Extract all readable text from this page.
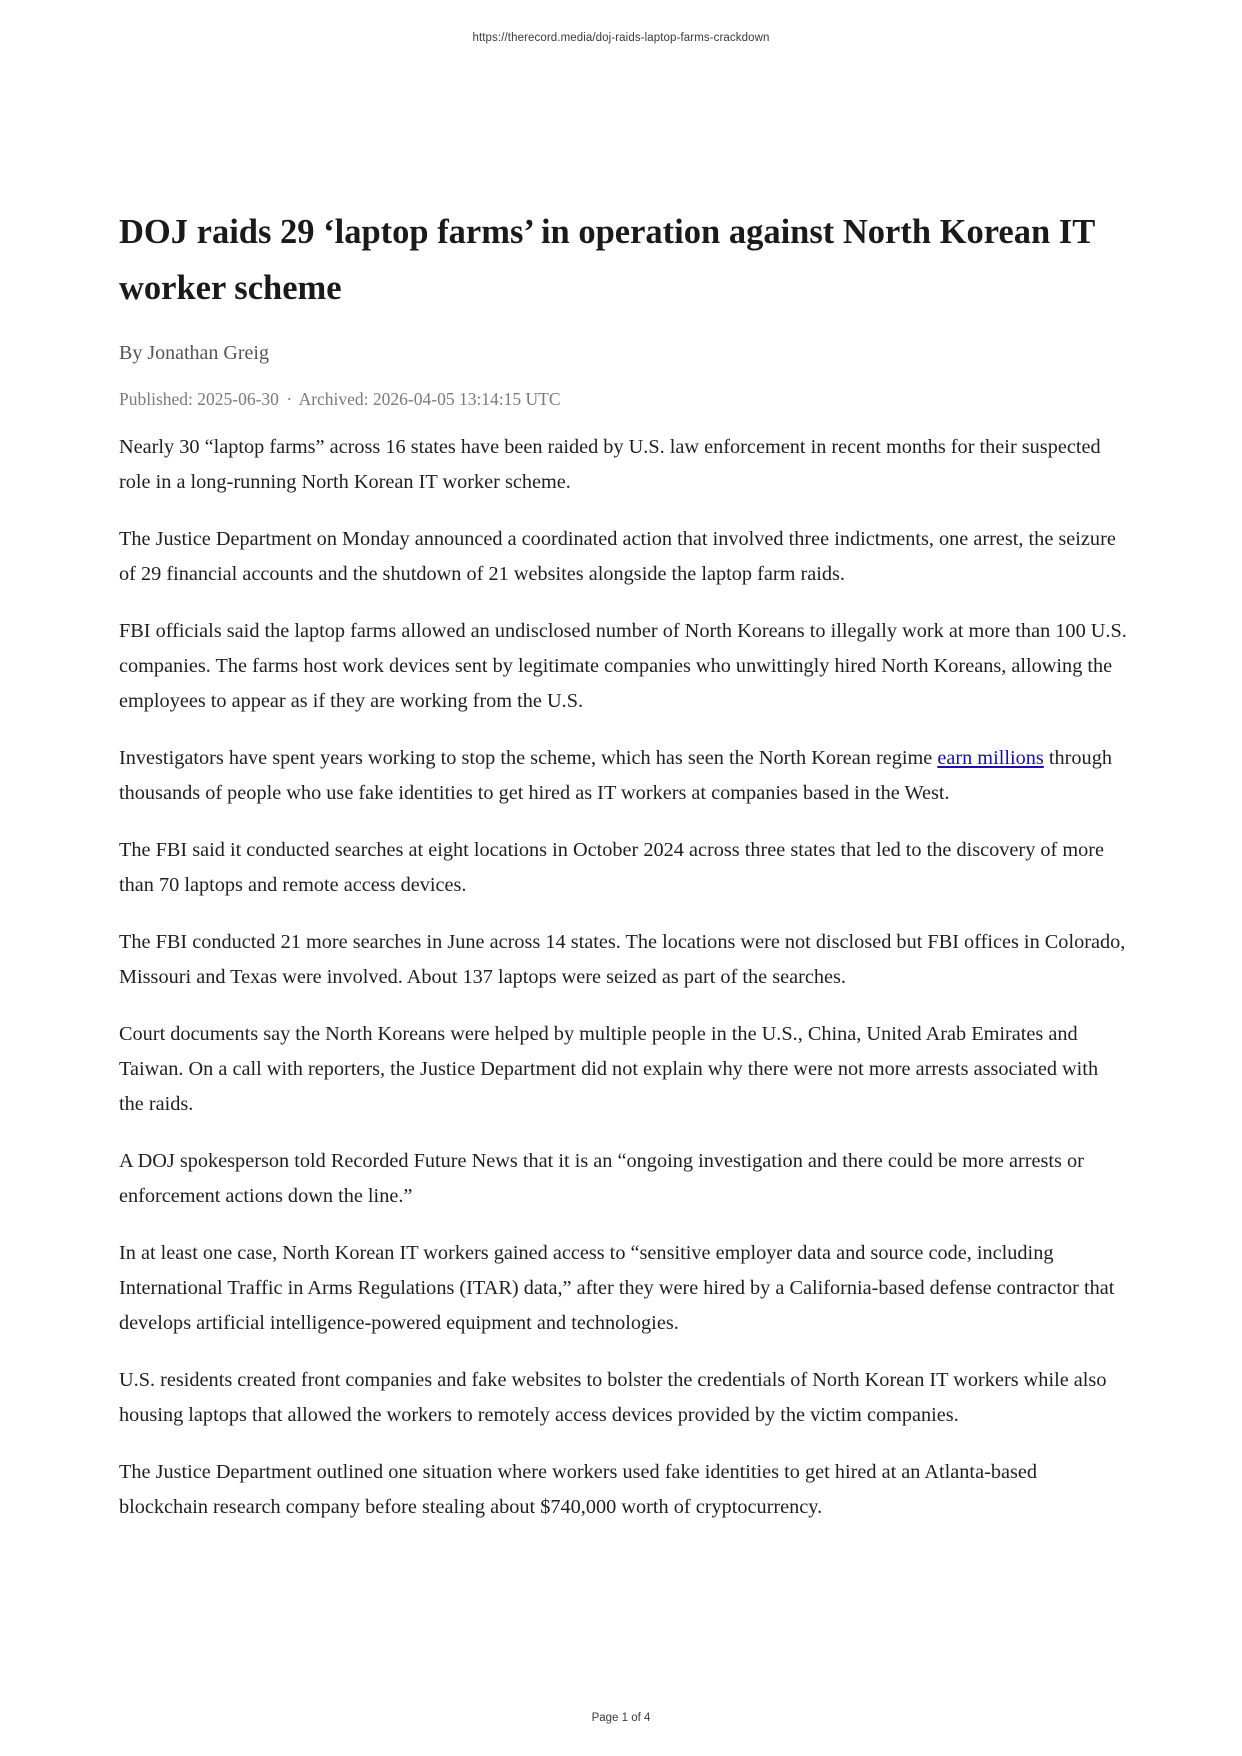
https://therecord.media/doj-raids-laptop-farms-crackdown
DOJ raids 29 ‘laptop farms’ in operation against North Korean IT worker scheme
By Jonathan Greig
Published: 2025-06-30 · Archived: 2026-04-05 13:14:15 UTC

Nearly 30 “laptop farms” across 16 states have been raided by U.S. law enforcement in recent months for their suspected role in a long-running North Korean IT worker scheme.

The Justice Department on Monday announced a coordinated action that involved three indictments, one arrest, the seizure of 29 financial accounts and the shutdown of 21 websites alongside the laptop farm raids.

FBI officials said the laptop farms allowed an undisclosed number of North Koreans to illegally work at more than 100 U.S. companies. The farms host work devices sent by legitimate companies who unwittingly hired North Koreans, allowing the employees to appear as if they are working from the U.S.

Investigators have spent years working to stop the scheme, which has seen the North Korean regime earn millions through thousands of people who use fake identities to get hired as IT workers at companies based in the West.

The FBI said it conducted searches at eight locations in October 2024 across three states that led to the discovery of more than 70 laptops and remote access devices.

The FBI conducted 21 more searches in June across 14 states. The locations were not disclosed but FBI offices in Colorado, Missouri and Texas were involved. About 137 laptops were seized as part of the searches.

Court documents say the North Koreans were helped by multiple people in the U.S., China, United Arab Emirates and Taiwan. On a call with reporters, the Justice Department did not explain why there were not more arrests associated with the raids.

A DOJ spokesperson told Recorded Future News that it is an “ongoing investigation and there could be more arrests or enforcement actions down the line.”

In at least one case, North Korean IT workers gained access to “sensitive employer data and source code, including International Traffic in Arms Regulations (ITAR) data,” after they were hired by a California-based defense contractor that develops artificial intelligence-powered equipment and technologies.

U.S. residents created front companies and fake websites to bolster the credentials of North Korean IT workers while also housing laptops that allowed the workers to remotely access devices provided by the victim companies.

The Justice Department outlined one situation where workers used fake identities to get hired at an Atlanta-based blockchain research company before stealing about $740,000 worth of cryptocurrency.

Page 1 of 4
